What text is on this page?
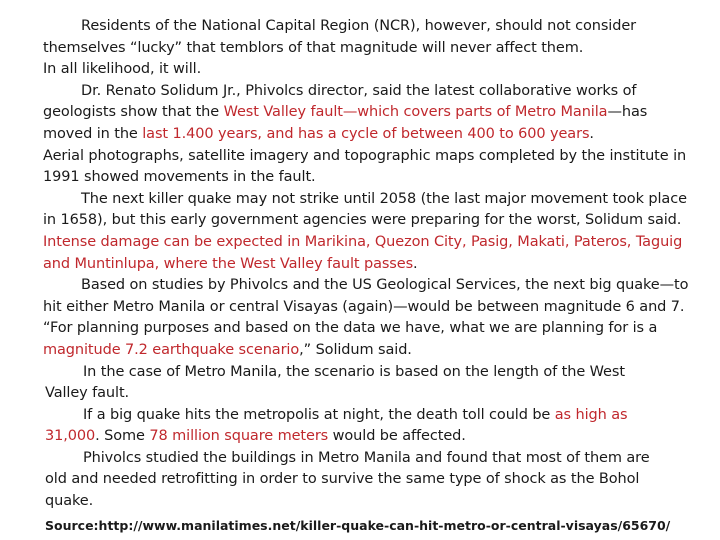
Residents of the National Capital Region (NCR), however, should not consider
themselves “lucky” that temblors of that magnitude will never affect them.
In all likelihood, it will.
Dr. Renato Solidum Jr., Phivolcs director, said the latest collaborative works of
geologists show that the West Valley fault—which covers parts of Metro Manila—has
moved in the last 1.400 years, and has a cycle of between 400 to 600 years.
Aerial photographs, satellite imagery and topographic maps completed by the institute in
1991 showed movements in the fault.
The next killer quake may not strike until 2058 (the last major movement took place
in 1658), but this early government agencies were preparing for the worst, Solidum said.
Intense damage can be expected in Marikina, Quezon City, Pasig, Makati, Pateros, Taguig
and Muntinlupa, where the West Valley fault passes.
Based on studies by Phivolcs and the US Geological Services, the next big quake—to
hit either Metro Manila or central Visayas (again)—would be between magnitude 6 and 7.
“For planning purposes and based on the data we have, what we are planning for is a
magnitude 7.2 earthquake scenario,” Solidum said.
In the case of Metro Manila, the scenario is based on the length of the West
Valley fault.
If a big quake hits the metropolis at night, the death toll could be as high as
31,000. Some 78 million square meters would be affected.
Phivolcs studied the buildings in Metro Manila and found that most of them are
old and needed retrofitting in order to survive the same type of shock as the Bohol
quake.
Source:http://www.manilatimes.net/killer-quake-can-hit-metro-or-central-visayas/65670/
